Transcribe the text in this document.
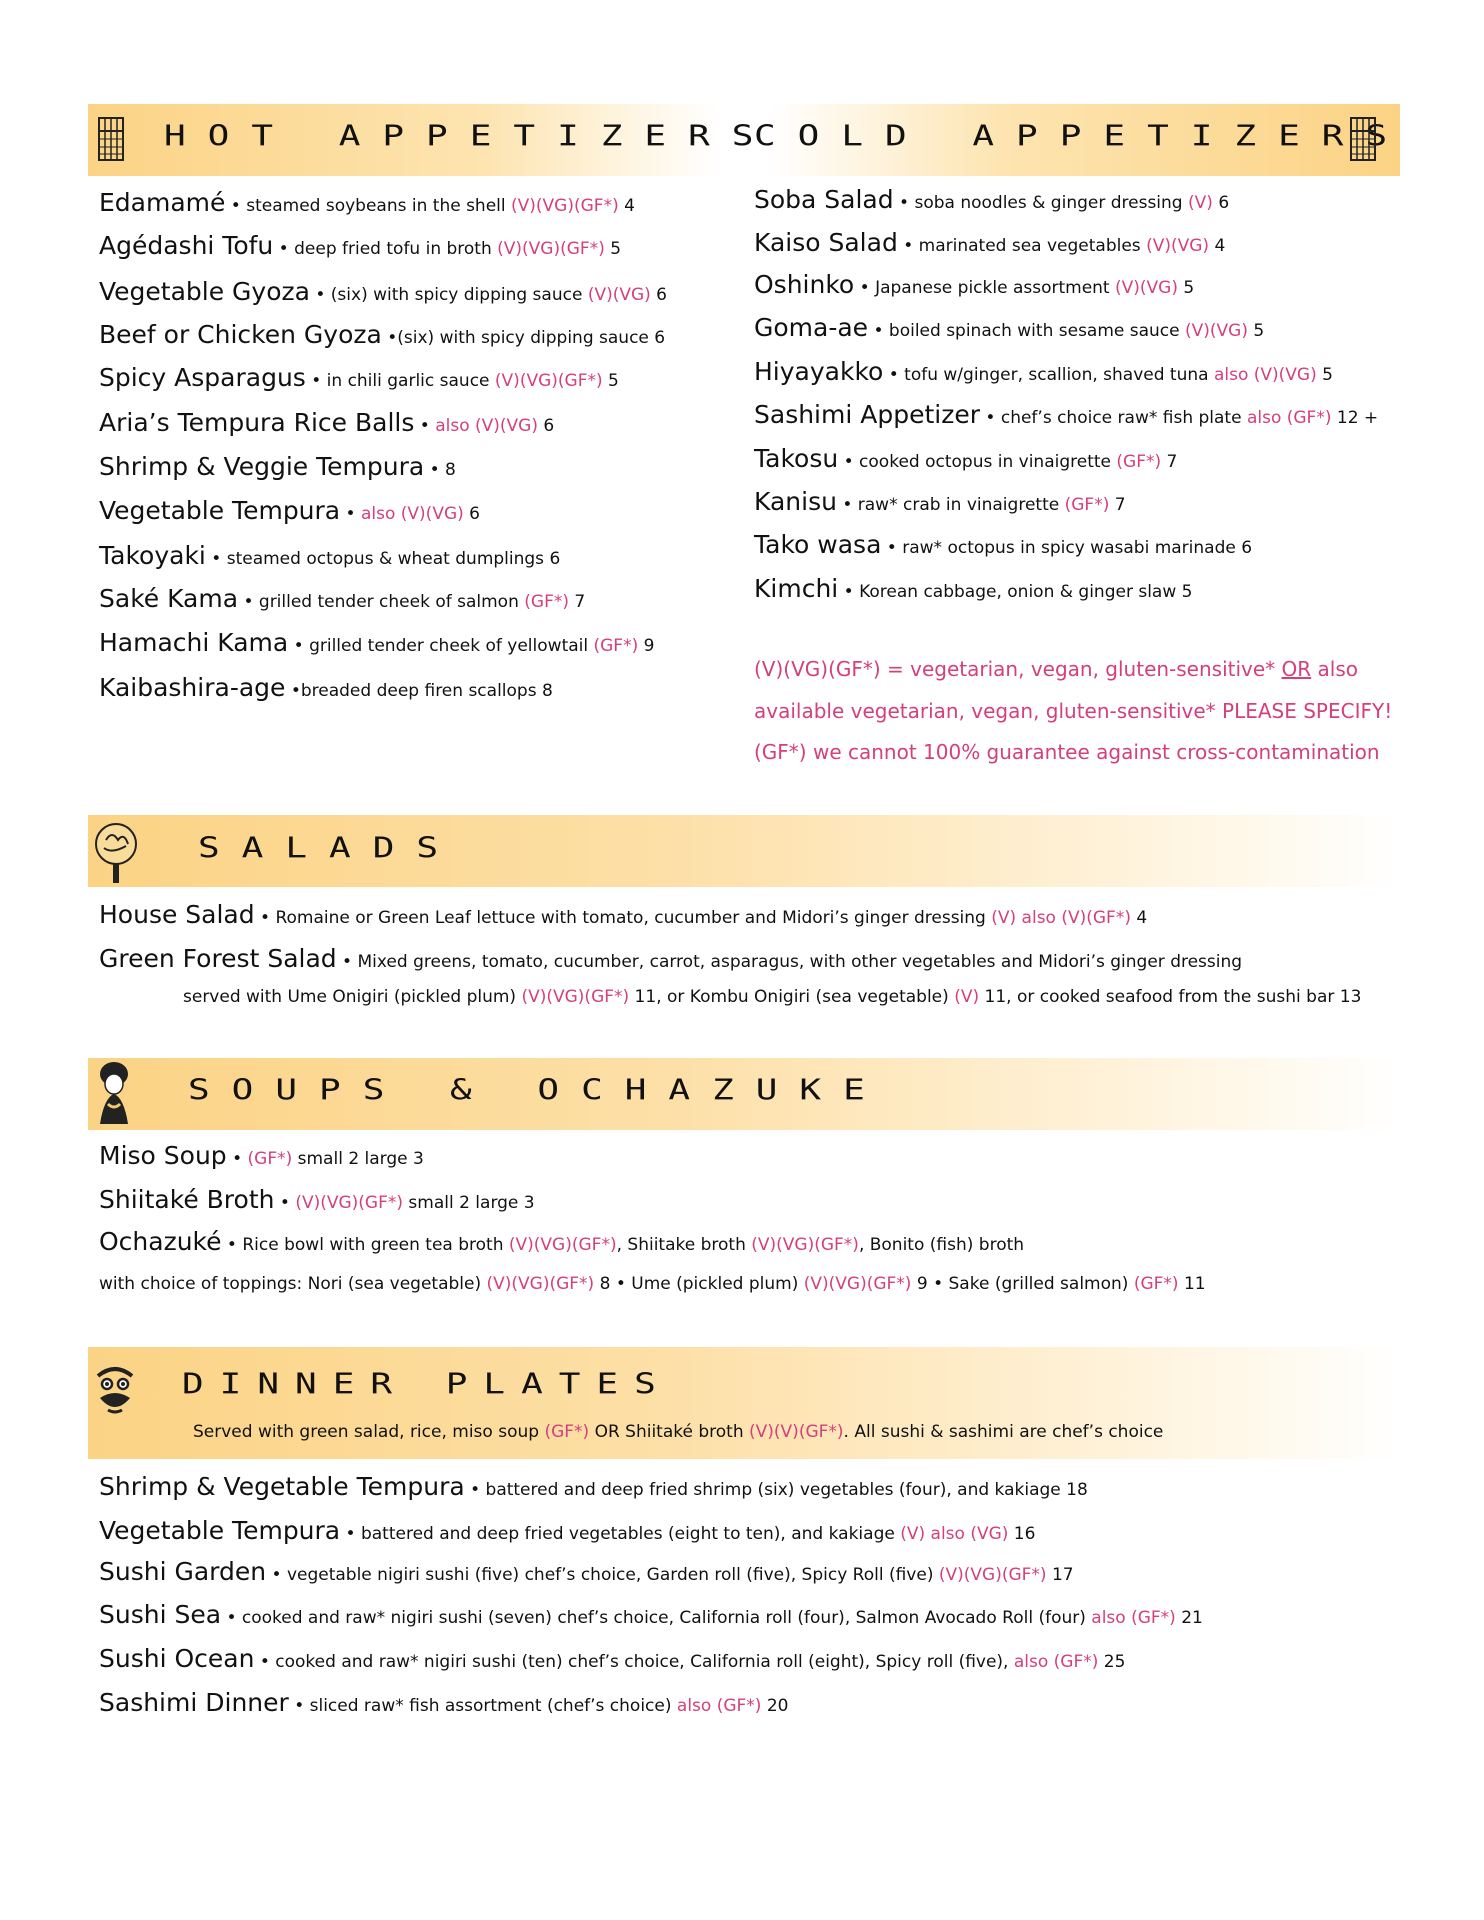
HOT APPETIZERS
COLD APPETIZERS
Edamamé • steamed soybeans in the shell (V)(VG)(GF*) 4
Agédashi Tofu • deep fried tofu in broth (V)(VG)(GF*) 5
Vegetable Gyoza • (six) with spicy dipping sauce (V)(VG) 6
Beef or Chicken Gyoza •(six) with spicy dipping sauce 6
Spicy Asparagus • in chili garlic sauce (V)(VG)(GF*) 5
Aria’s Tempura Rice Balls • also (V)(VG) 6
Shrimp & Veggie Tempura • 8
Vegetable Tempura • also (V)(VG) 6
Takoyaki • steamed octopus & wheat dumplings 6
Saké Kama • grilled tender cheek of salmon (GF*) 7
Hamachi Kama • grilled tender cheek of yellowtail (GF*) 9
Kaibashira-age •breaded deep firen scallops 8
Soba Salad • soba noodles & ginger dressing (V) 6
Kaiso Salad • marinated sea vegetables (V)(VG) 4
Oshinko • Japanese pickle assortment (V)(VG) 5
Goma-ae • boiled spinach with sesame sauce (V)(VG) 5
Hiyayakko • tofu w/ginger, scallion, shaved tuna also (V)(VG) 5
Sashimi Appetizer • chef’s choice raw* fish plate also (GF*) 12 +
Takosu • cooked octopus in vinaigrette (GF*) 7
Kanisu • raw* crab in vinaigrette (GF*) 7
Tako wasa • raw* octopus in spicy wasabi marinade 6
Kimchi • Korean cabbage, onion & ginger slaw 5
(V)(VG)(GF*) = vegetarian, vegan, gluten-sensitive* OR also
available vegetarian, vegan, gluten-sensitive* PLEASE SPECIFY!
(GF*) we cannot 100% guarantee against cross-contamination
SALADS
House Salad • Romaine or Green Leaf lettuce with tomato, cucumber and Midori’s ginger dressing (V) also (V)(GF*) 4
Green Forest Salad • Mixed greens, tomato, cucumber, carrot, asparagus, with other vegetables and Midori’s ginger dressing
served with Ume Onigiri (pickled plum) (V)(VG)(GF*) 11, or Kombu Onigiri (sea vegetable) (V) 11, or cooked seafood from the sushi bar 13
SOUPS & OCHAZUKE
Miso Soup • (GF*) small 2 large 3
Shiitaké Broth • (V)(VG)(GF*) small 2 large 3
Ochazuké • Rice bowl with green tea broth (V)(VG)(GF*), Shiitake broth (V)(VG)(GF*), Bonito (fish) broth
with choice of toppings: Nori (sea vegetable) (V)(VG)(GF*) 8 • Ume (pickled plum) (V)(VG)(GF*) 9 • Sake (grilled salmon) (GF*) 11
DINNER PLATES
Served with green salad, rice, miso soup (GF*) OR Shiitaké broth (V)(V)(GF*). All sushi & sashimi are chef’s choice
Shrimp & Vegetable Tempura • battered and deep fried shrimp (six) vegetables (four), and kakiage 18
Vegetable Tempura • battered and deep fried vegetables (eight to ten), and kakiage (V) also (VG) 16
Sushi Garden • vegetable nigiri sushi (five) chef’s choice, Garden roll (five), Spicy Roll (five) (V)(VG)(GF*) 17
Sushi Sea • cooked and raw* nigiri sushi (seven) chef’s choice, California roll (four), Salmon Avocado Roll (four) also (GF*) 21
Sushi Ocean • cooked and raw* nigiri sushi (ten) chef’s choice, California roll (eight), Spicy roll (five), also (GF*) 25
Sashimi Dinner • sliced raw* fish assortment (chef’s choice) also (GF*) 20
